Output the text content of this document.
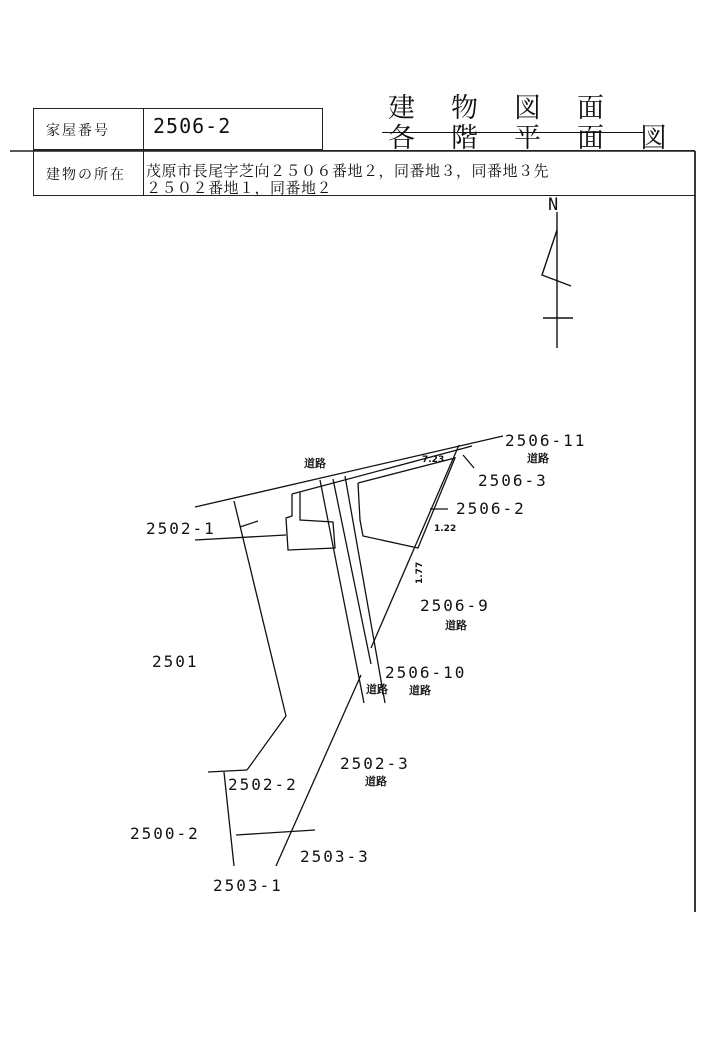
建物図面
各階平面図
家屋番号 2506-2
建物の所在 茂原市長尾字芝向２５０６番地２，同番地３，同番地３先
２５０２番地１，同番地２
N
2506-11
2506-3
2506-2
2502-1
2506-9
2501
2506-10
2502-3
2502-2
2500-2
2503-3
2503-1
道路	道路
道路
道路 道路
道路
7.23
1.22
1.77
